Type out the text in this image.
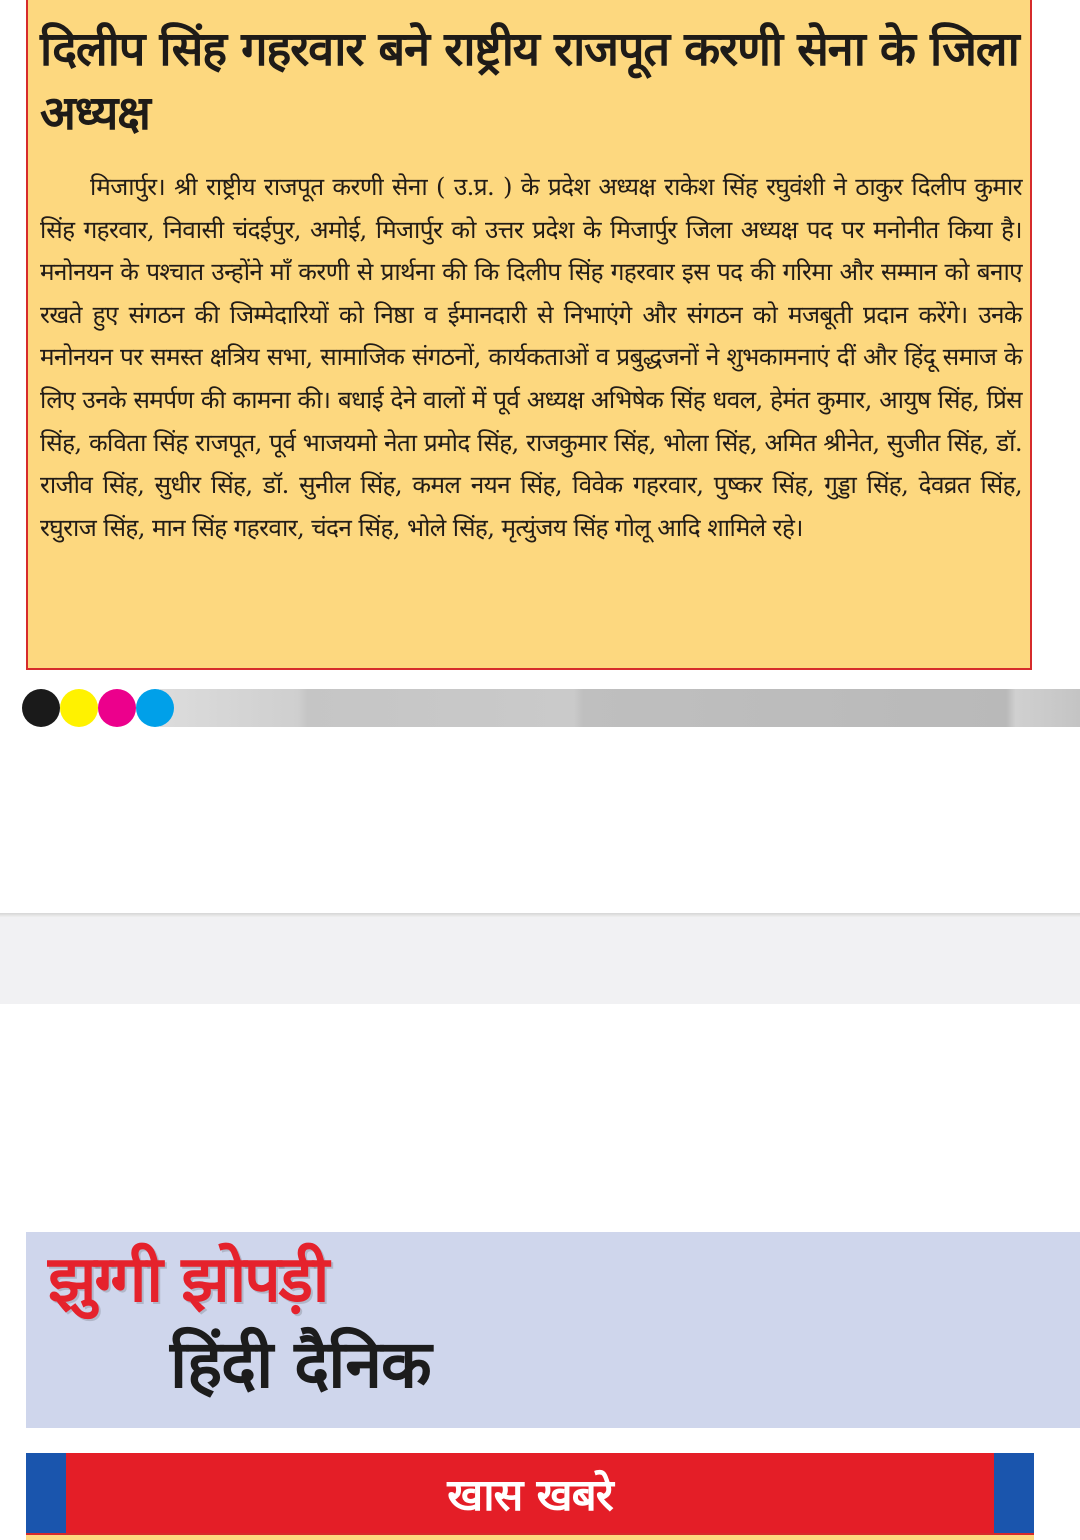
दिलीप सिंह गहरवार बने राष्ट्रीय राजपूत करणी सेना के जिला अध्यक्ष

मिजार्पुर। श्री राष्ट्रीय राजपूत करणी सेना ( उ.प्र. ) के प्रदेश अध्यक्ष राकेश सिंह रघुवंशी ने ठाकुर दिलीप कुमार सिंह गहरवार, निवासी चंदईपुर, अमोई, मिजार्पुर को उत्तर प्रदेश के मिजार्पुर जिला अध्यक्ष पद पर मनोनीत किया है। मनोनयन के पश्चात उन्होंने माँ करणी से प्रार्थना की कि दिलीप सिंह गहरवार इस पद की गरिमा और सम्मान को बनाए रखते हुए संगठन की जिम्मेदारियों को निष्ठा व ईमानदारी से निभाएंगे और संगठन को मजबूती प्रदान करेंगे। उनके मनोनयन पर समस्त क्षत्रिय सभा, सामाजिक संगठनों, कार्यकताओं व प्रबुद्धजनों ने शुभकामनाएं दीं और हिंदू समाज के लिए उनके समर्पण की कामना की। बधाई देने वालों में पूर्व अध्यक्ष अभिषेक सिंह धवल, हेमंत कुमार, आयुष सिंह, प्रिंस सिंह, कविता सिंह राजपूत, पूर्व भाजयमो नेता प्रमोद सिंह, राजकुमार सिंह, भोला सिंह, अमित श्रीनेत, सुजीत सिंह, डॉ. राजीव सिंह, सुधीर सिंह, डॉ. सुनील सिंह, कमल नयन सिंह, विवेक गहरवार, पुष्कर सिंह, गुड्डा सिंह, देवव्रत सिंह, रघुराज सिंह, मान सिंह गहरवार, चंदन सिंह, भोले सिंह, मृत्युंजय सिंह गोलू आदि शामिले रहे।

झुग्गी झोपड़ी
हिंदी दैनिक
खास खबरे
